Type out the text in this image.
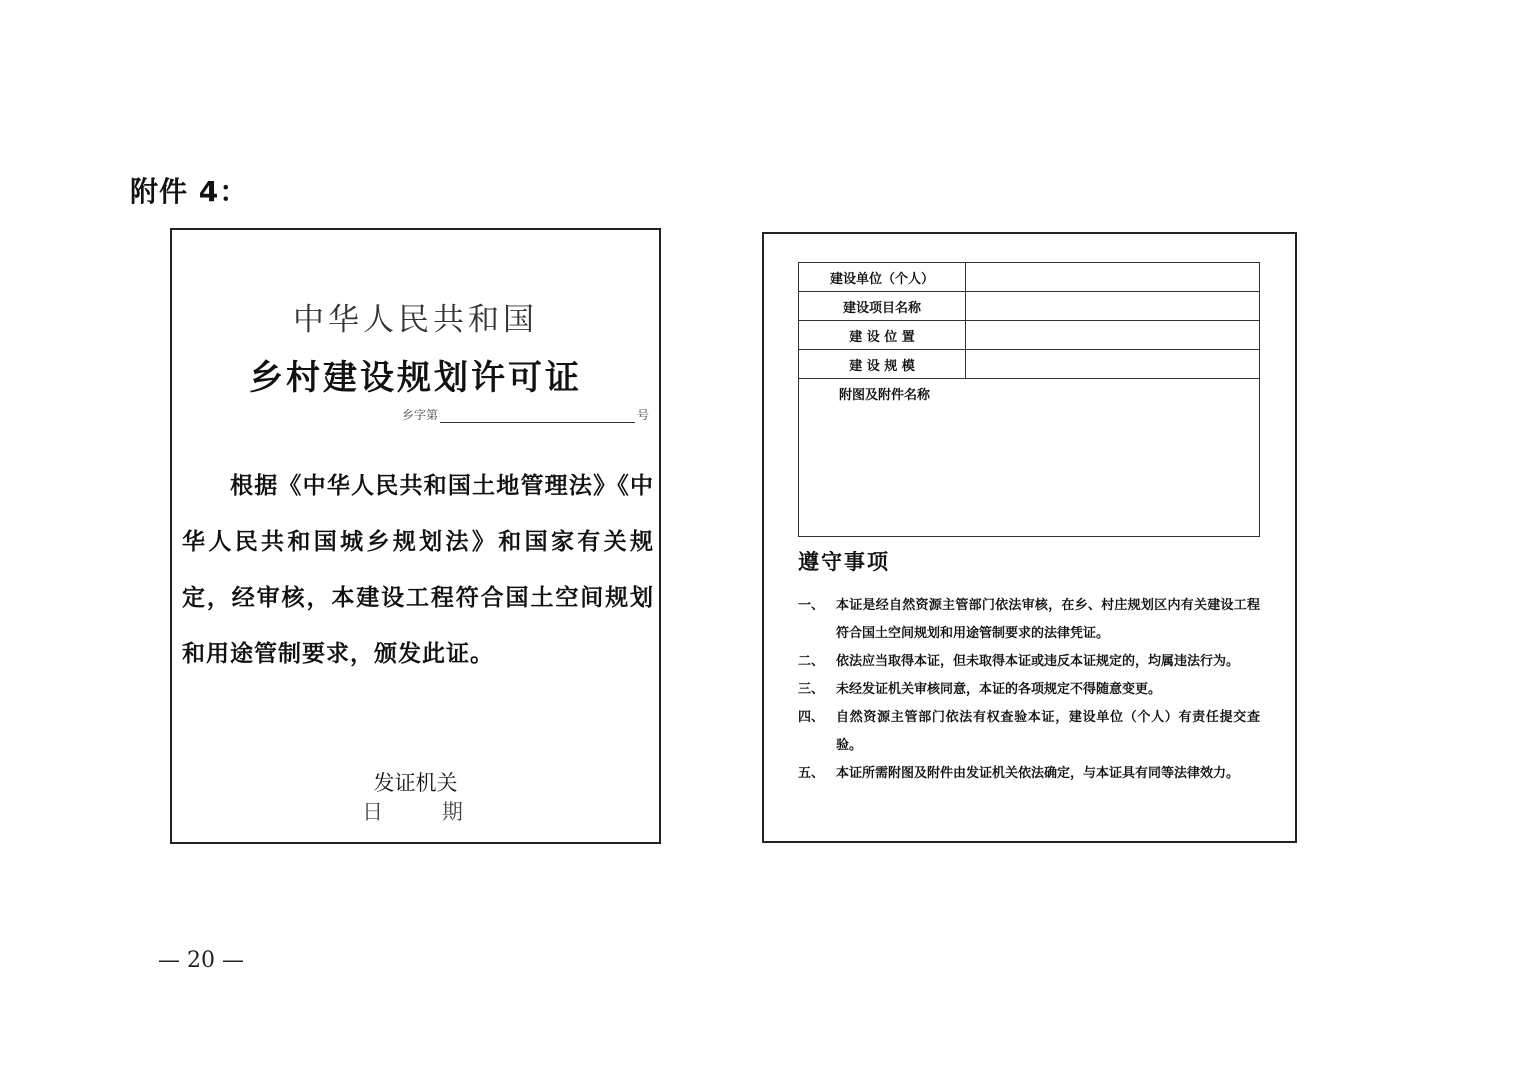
附件 4：
中华人民共和国
乡村建设规划许可证
乡字第	号
根据《中华人民共和国土地管理法》《中华人民共和国城乡规划法》和国家有关规定，经审核，本建设工程符合国土空间规划和用途管制要求，颁发此证。
发证机关
日 期
建设单位（个人）	
建设项目名称	
建 设 位 置	
建 设 规 模	
附图及附件名称	
遵守事项
一、 本证是经自然资源主管部门依法审核，在乡、村庄规划区内有关建设工程符合国土空间规划和用途管制要求的法律凭证。
二、 依法应当取得本证，但未取得本证或违反本证规定的，均属违法行为。
三、 未经发证机关审核同意，本证的各项规定不得随意变更。
四、 自然资源主管部门依法有权查验本证，建设单位（个人）有责任提交查验。
五、 本证所需附图及附件由发证机关依法确定，与本证具有同等法律效力。
— 20 —
